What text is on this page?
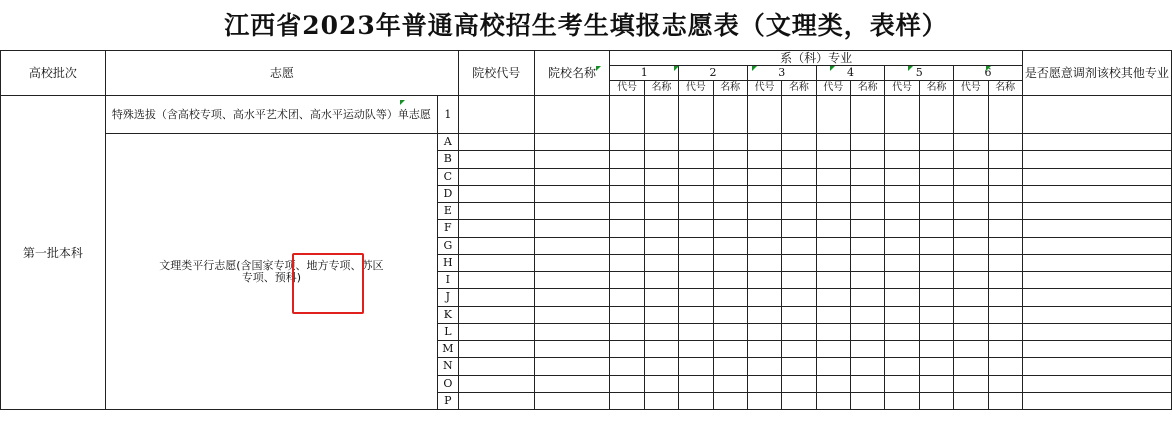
江西省2023年普通高校招生考生填报志愿表（文理类，表样）
高校批次	志愿		院校代号	院校名称	系（科）专业												是否愿意调剂该校其他专业
					1		2		3		4		5		6		
					代号	名称	代号	名称	代号	名称	代号	名称	代号	名称	代号	名称	
第一批本科	特殊选拔（含高校专项、高水平艺术团、高水平运动队等）单志愿	1															

	文理类平行志愿(含国家专项、地方专项、苏区
专项、预科)	A															
		B															
		C															
		D															
		E															
		F															
		G															
		H															
		I															
		J															
		K															
		L															
		M															
		N															
		O															
		P															
